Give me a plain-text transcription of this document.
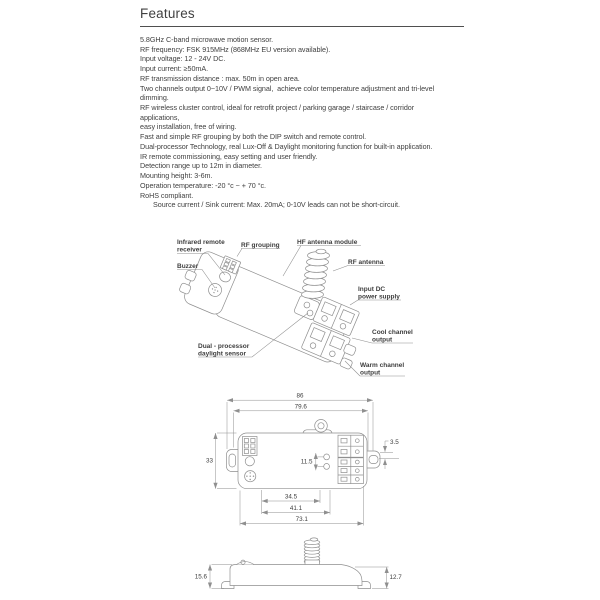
Features
5.8GHz C-band microwave motion sensor.
RF frequency: FSK 915MHz (868MHz EU version available).
Input voltage: 12 - 24V DC.
Input current: ≥50mA.
RF transmission distance : max. 50m in open area.
Two channels output 0~10V / PWM signal,  achieve color temperature adjustment and tri-level
dimming.
RF wireless cluster control, ideal for retrofit project / parking garage / staircase / corridor
applications,
easy installation, free of wiring.
Fast and simple RF grouping by both the DIP switch and remote control.
Dual-processor Technology, real Lux-Off & Daylight monitoring function for built-in application.
IR remote commissioning, easy setting and user friendly.
Detection range up to 12m in diameter.
Mounting height: 3-6m.
Operation temperature: -20 °c ~ + 70 °c.
RoHS compliant.
Source current / Sink current: Max. 20mA; 0-10V leads can not be short-circuit.
Infrared remote
receiver
RF grouping	HF antenna module
RF antenna
Buzzer
Input DC
power supply
Cool channel
output
Warm channel
output
Dual - processor
daylight sensor
86
79.6
33	11.5
3.5
34.5
41.1
73.1
15.6	12.7
